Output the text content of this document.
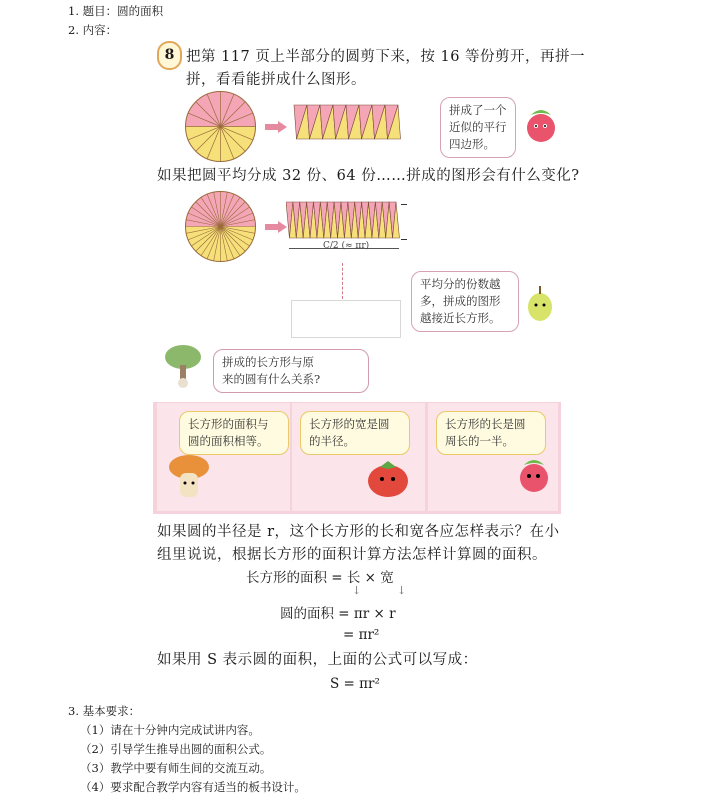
1. 题目：圆的面积
2. 内容：
8 把第 117 页上半部分的圆剪下来，按 16 等份剪开，再拼一
拼，看看能拼成什么图形。
拼成了一个
近似的平行
四边形。
如果把圆平均分成 32 份、64 份……拼成的图形会有什么变化?
C/2 (≈ πr)
平均分的份数越
多，拼成的图形
越接近长方形。
拼成的长方形与原
来的圆有什么关系?
长方形的面积与
圆的面积相等。
长方形的宽是圆
的半径。
长方形的长是圆
周长的一半。
如果圆的半径是 r，这个长方形的长和宽各应怎样表示？在小
组里说说，根据长方形的面积计算方法怎样计算圆的面积。
长方形的面积 = 长 × 宽
↓	↓
圆的面积 = πr × r
= πr²
如果用 S 表示圆的面积，上面的公式可以写成：
S = πr²
3. 基本要求：
（1）请在十分钟内完成试讲内容。
（2）引导学生推导出圆的面积公式。
（3）教学中要有师生间的交流互动。
（4）要求配合教学内容有适当的板书设计。
